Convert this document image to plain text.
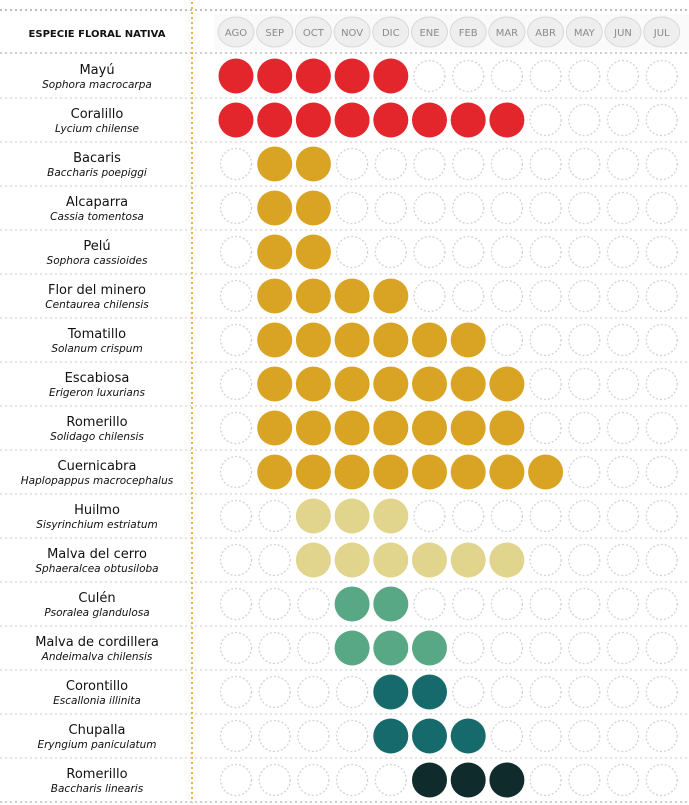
ESPECIE FLORAL NATIVA	AGO SEP OCT NOV DIC ENE FEB MAR ABR MAY JUN JUL
Mayú
Sophora macrocarpa
Coralillo
Lycium chilense
Bacaris
Baccharis poepiggi
Alcaparra
Cassia tomentosa
Pelú
Sophora cassioides
Flor del minero
Centaurea chilensis
Tomatillo
Solanum crispum
Escabiosa
Erigeron luxurians
Romerillo
Solidago chilensis
Cuernicabra
Haplopappus macrocephalus
Huilmo
Sisyrinchium estriatum
Malva del cerro
Sphaeralcea obtusiloba
Culén
Psoralea glandulosa
Malva de cordillera
Andeimalva chilensis
Corontillo
Escallonia illinita
Chupalla
Eryngium paniculatum
Romerillo
Baccharis linearis
